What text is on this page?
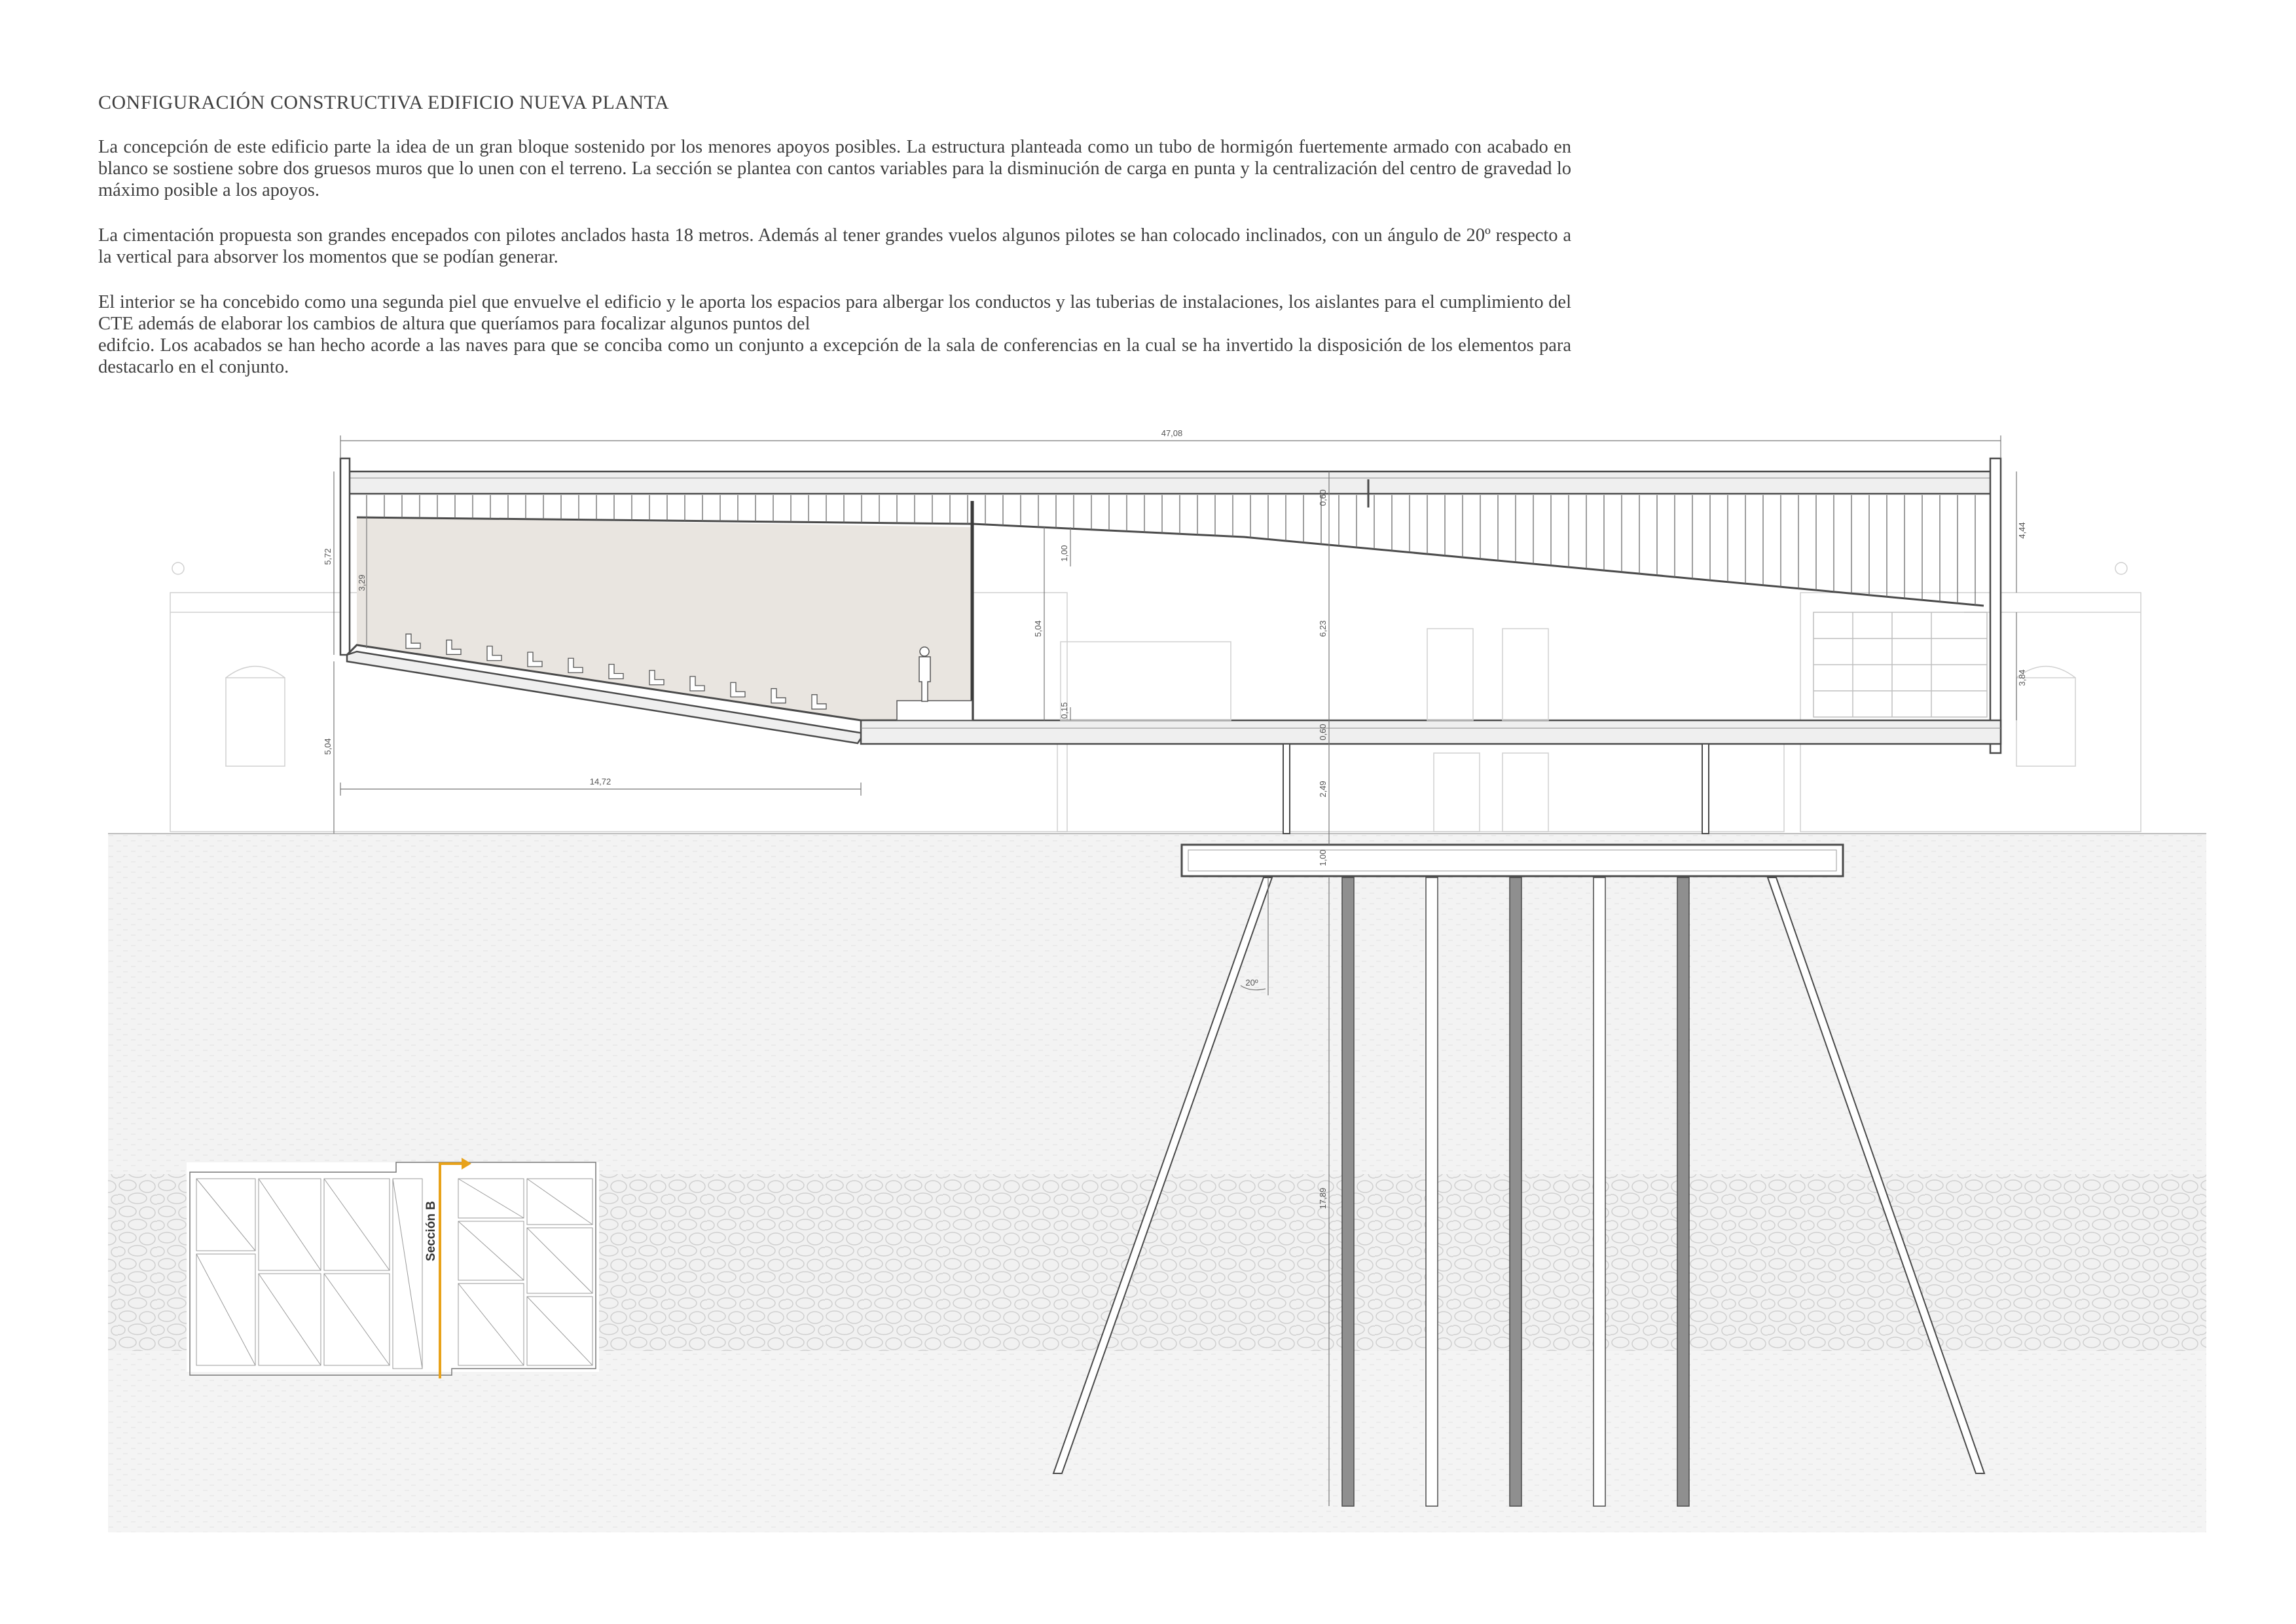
CONFIGURACIÓN CONSTRUCTIVA EDIFICIO NUEVA PLANTA

La concepción de este edificio parte la idea de un gran bloque sostenido por los menores apoyos posibles. La estructura planteada como un tubo de hormigón fuertemente armado con acabado en blanco se sostiene sobre dos gruesos muros que lo unen con el terreno. La sección se plantea con cantos variables para la disminución de carga en punta y la centralización del centro de gravedad lo máximo posible a los apoyos.

La cimentación propuesta son grandes encepados con pilotes anclados hasta 18 metros. Además al tener grandes vuelos algunos pilotes se han colocado inclinados, con un ángulo de 20º respecto a la vertical para absorver los momentos que se podían generar.

El interior se ha concebido como una segunda piel que envuelve el edificio y le aporta los espacios para albergar los conductos y las tuberias de instalaciones, los aislantes para el cumplimiento del CTE además de elaborar los cambios de altura que queríamos para focalizar algunos puntos del
edifcio. Los acabados se han hecho acorde a las naves para que se conciba como un conjunto a excepción de la sala de conferencias en la cual se ha invertido la disposición de los elementos para destacarlo en el conjunto.

47,08
14,72
5,72
5,04
3,29
5,04
1,00
0,15
0,60
6,23
0,60
2,49
1,00
4,44
3,84
17,89
20º
Sección B
